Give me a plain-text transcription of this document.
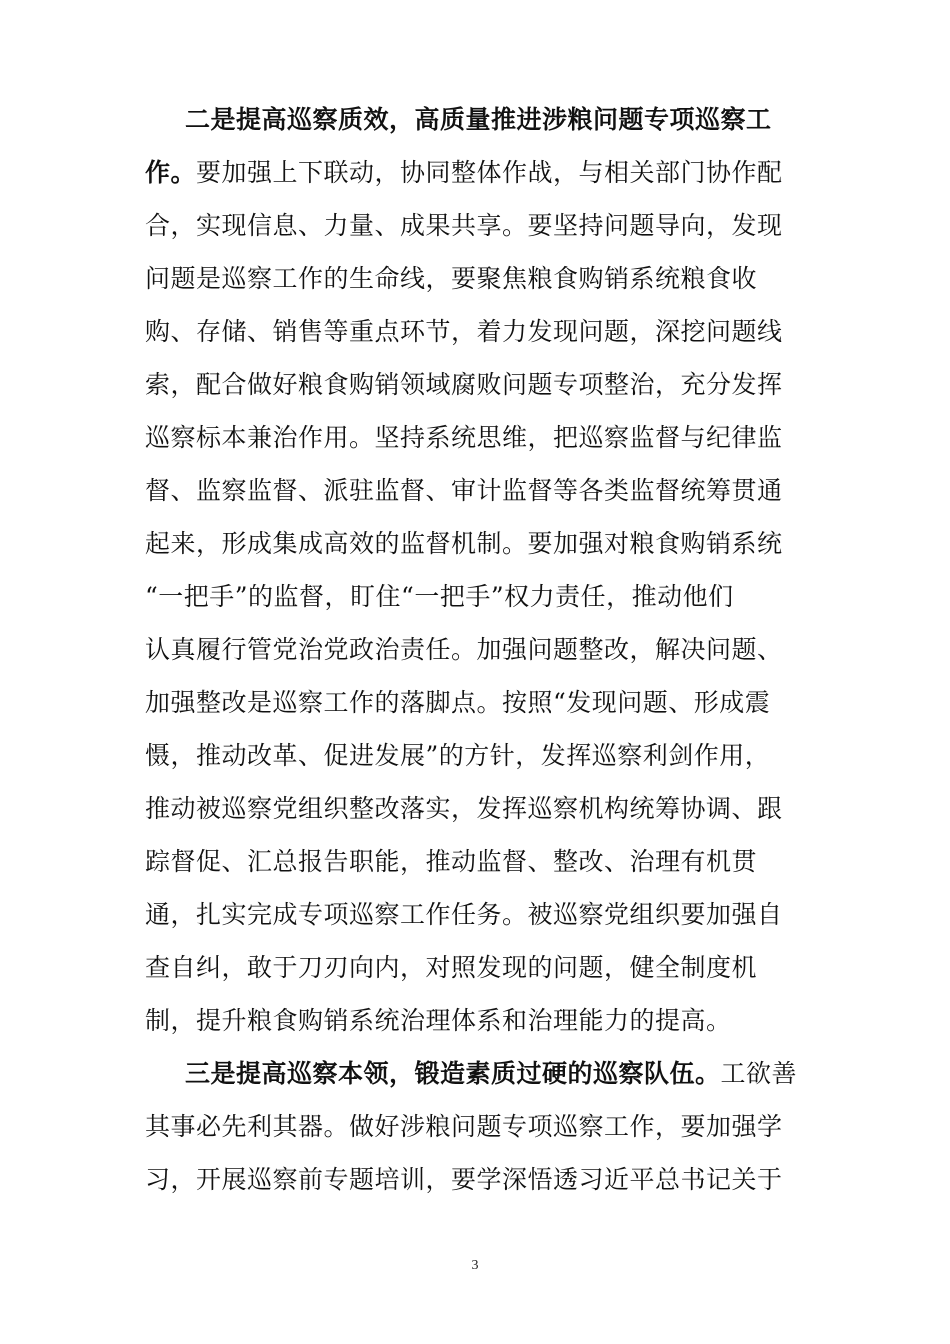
二是提高巡察质效，高质量推进涉粮问题专项巡察工
作。要加强上下联动，协同整体作战，与相关部门协作配
合，实现信息、力量、成果共享。要坚持问题导向，发现
问题是巡察工作的生命线，要聚焦粮食购销系统粮食收
购、存储、销售等重点环节，着力发现问题，深挖问题线
索，配合做好粮食购销领域腐败问题专项整治，充分发挥
巡察标本兼治作用。坚持系统思维，把巡察监督与纪律监
督、监察监督、派驻监督、审计监督等各类监督统筹贯通
起来，形成集成高效的监督机制。要加强对粮食购销系统
“一把手”的监督，盯住“一把手”权力责任，推动他们
认真履行管党治党政治责任。加强问题整改，解决问题、
加强整改是巡察工作的落脚点。按照“发现问题、形成震
慑，推动改革、促进发展”的方针，发挥巡察利剑作用，
推动被巡察党组织整改落实，发挥巡察机构统筹协调、跟
踪督促、汇总报告职能，推动监督、整改、治理有机贯
通，扎实完成专项巡察工作任务。被巡察党组织要加强自
查自纠，敢于刀刃向内，对照发现的问题，健全制度机
制，提升粮食购销系统治理体系和治理能力的提高。
三是提高巡察本领，锻造素质过硬的巡察队伍。工欲善
其事必先利其器。做好涉粮问题专项巡察工作，要加强学
习，开展巡察前专题培训，要学深悟透习近平总书记关于
3
